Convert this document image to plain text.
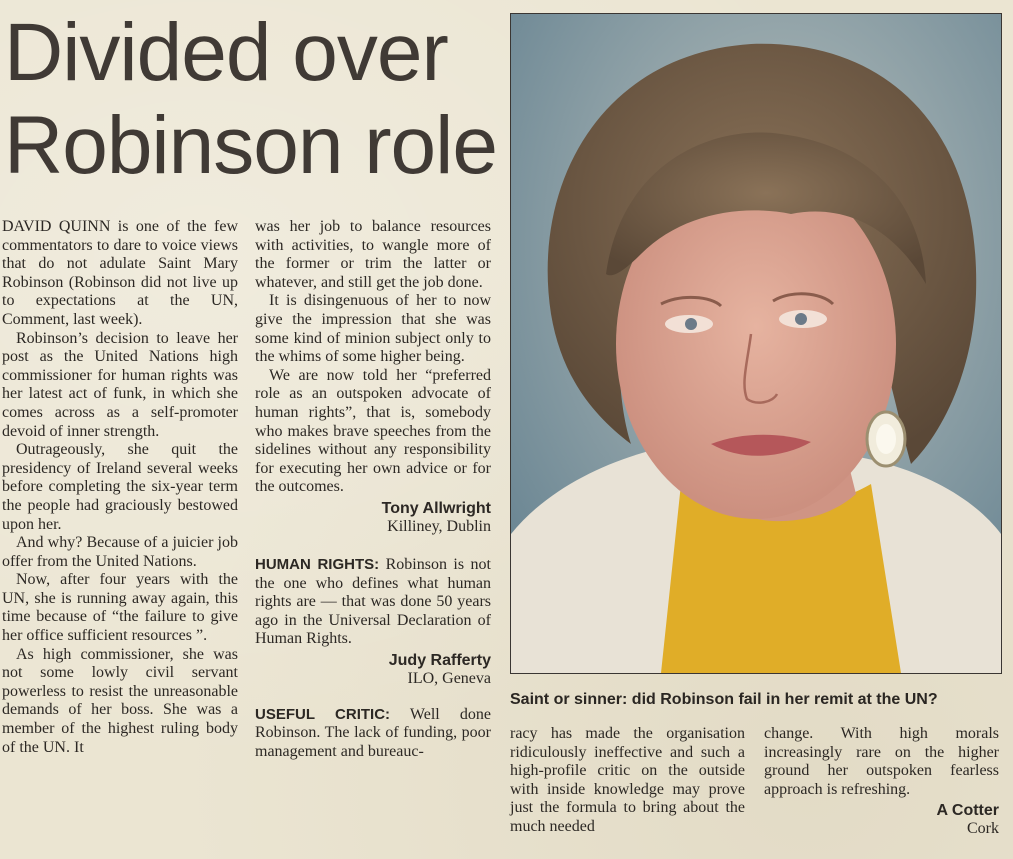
Divided over
Robinson role

DAVID QUINN is one of the few commentators to dare to voice views that do not adulate Saint Mary Robinson (Robinson did not live up to expectations at the UN, Comment, last week).

Robinson’s decision to leave her post as the United Nations high commissioner for human rights was her latest act of funk, in which she comes across as a self-promoter devoid of inner strength.

Outrageously, she quit the presidency of Ireland several weeks before completing the six-year term the people had graciously bestowed upon her.

And why? Because of a juicier job offer from the United Nations.

Now, after four years with the UN, she is running away again, this time because of “the failure to give her office sufficient resources ”.

As high commissioner, she was not some lowly civil servant powerless to resist the unreasonable demands of her boss. She was a member of the highest ruling body of the UN. It

was her job to balance resources with activities, to wangle more of the former or trim the latter or whatever, and still get the job done.

It is disingenuous of her to now give the impression that she was some kind of minion subject only to the whims of some higher being.

We are now told her “preferred role as an outspoken advocate of human rights”, that is, somebody who makes brave speeches from the sidelines without any responsibility for executing her own advice or for the outcomes.

Tony Allwright
Killiney, Dublin

HUMAN RIGHTS: Robinson is not the one who defines what human rights are — that was done 50 years ago in the Universal Declaration of Human Rights.

Judy Rafferty
ILO, Geneva

USEFUL CRITIC: Well done Robinson. The lack of funding, poor management and bureauc-

Saint or sinner: did Robinson fail in her remit at the UN?

racy has made the organisation ridiculously ineffective and such a high-profile critic on the outside with inside knowledge may prove just the formula to bring about the much needed

change. With high morals increasingly rare on the higher ground her outspoken fearless approach is refreshing.

A Cotter
Cork
